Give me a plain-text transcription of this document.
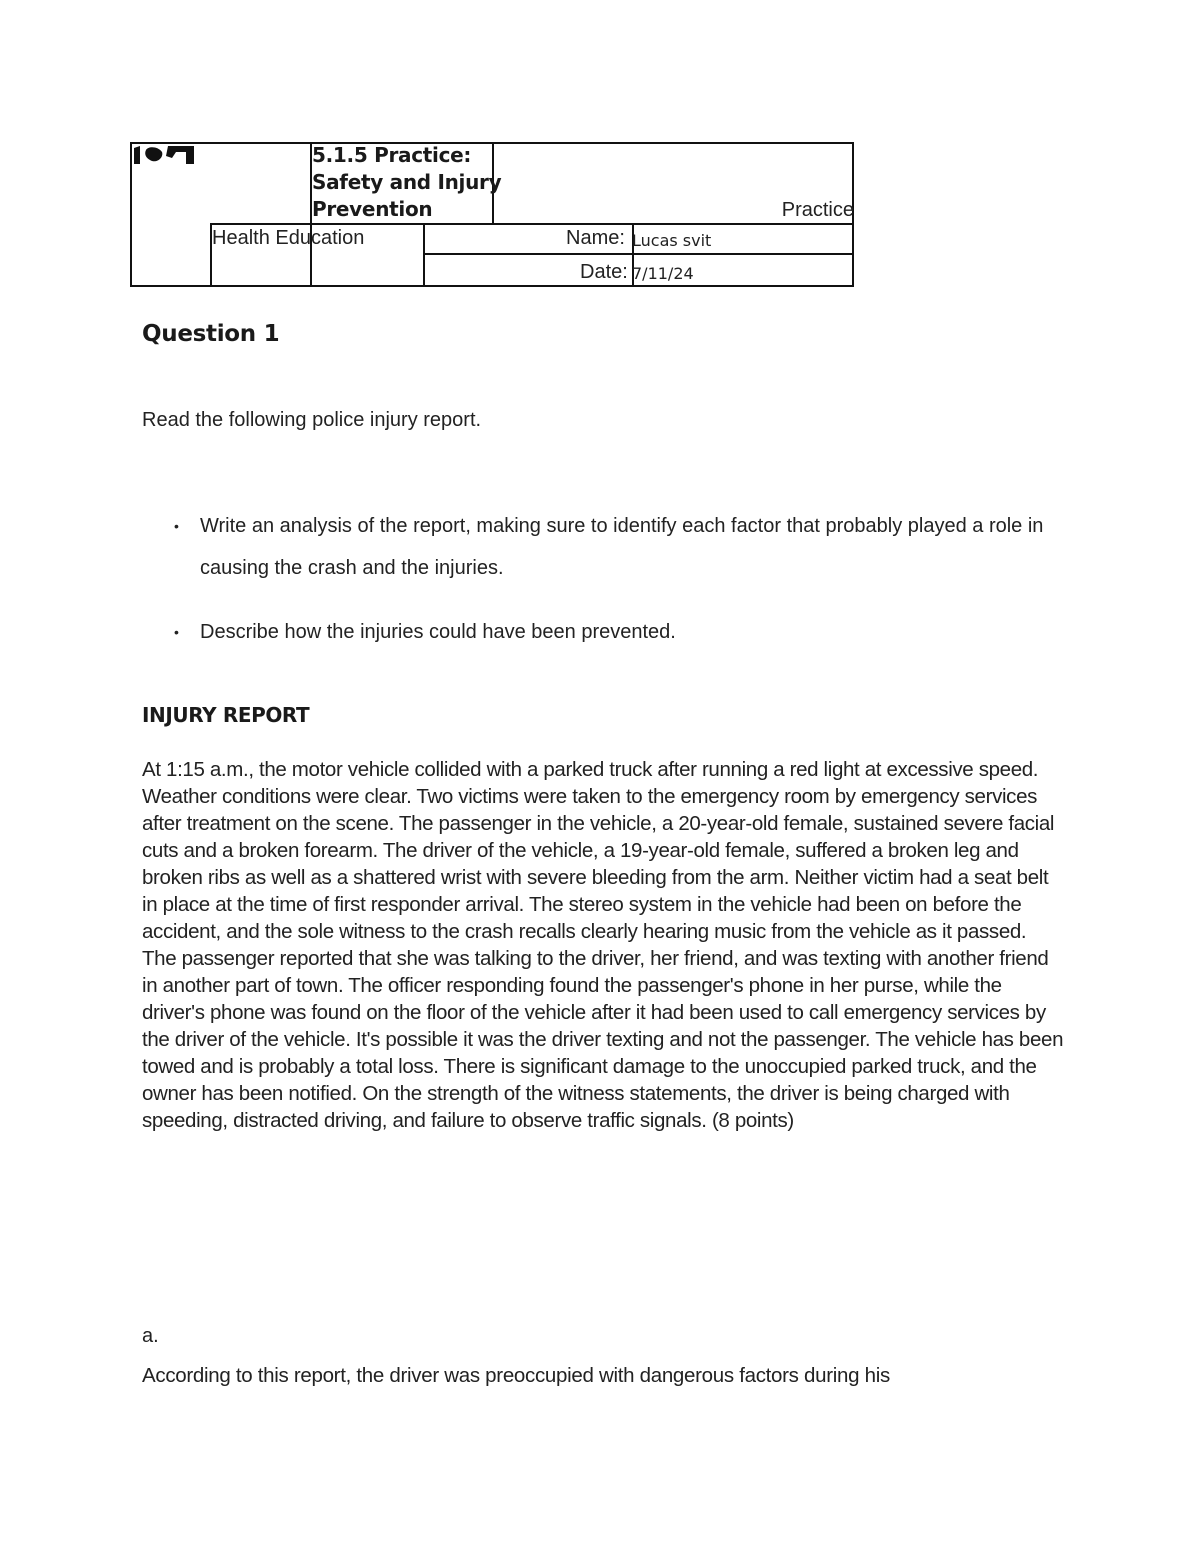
5.1.5 Practice:
Safety and Injury
Prevention	Practice
Health Education	Name: Lucas svit
Date: 7/11/24
Question 1
Read the following police injury report.
• Write an analysis of the report, making sure to identify each factor that probably played a role in causing the crash and the injuries.
• Describe how the injuries could have been prevented.
INJURY REPORT
At 1:15 a.m., the motor vehicle collided with a parked truck after running a red light at excessive speed. Weather conditions were clear. Two victims were taken to the emergency room by emergency services after treatment on the scene. The passenger in the vehicle, a 20-year-old female, sustained severe facial cuts and a broken forearm. The driver of the vehicle, a 19-year-old female, suffered a broken leg and broken ribs as well as a shattered wrist with severe bleeding from the arm. Neither victim had a seat belt in place at the time of first responder arrival. The stereo system in the vehicle had been on before the accident, and the sole witness to the crash recalls clearly hearing music from the vehicle as it passed. The passenger reported that she was talking to the driver, her friend, and was texting with another friend in another part of town. The officer responding found the passenger's phone in her purse, while the driver's phone was found on the floor of the vehicle after it had been used to call emergency services by the driver of the vehicle. It's possible it was the driver texting and not the passenger. The vehicle has been towed and is probably a total loss. There is significant damage to the unoccupied parked truck, and the owner has been notified. On the strength of the witness statements, the driver is being charged with speeding, distracted driving, and failure to observe traffic signals. (8 points)
a.
According to this report, the driver was preoccupied with dangerous factors during his
